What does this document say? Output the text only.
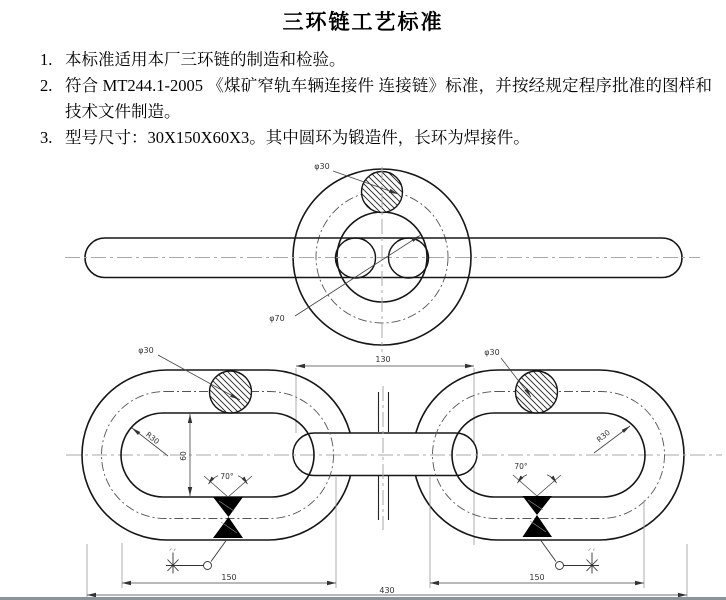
三环链工艺标准
1. 本标准适用本厂三环链的制造和检验。
2. 符合 MT244.1-2005 《煤矿窄轨车辆连接件 连接链》标准，并按经规定程序批准的图样和技术文件制造。
3. 型号尺寸：30X150X60X3。其中圆环为锻造件，长环为焊接件。
φ30
φ70
130
φ30	φ30
R30	R30
60
70°
70°
150	150
430
